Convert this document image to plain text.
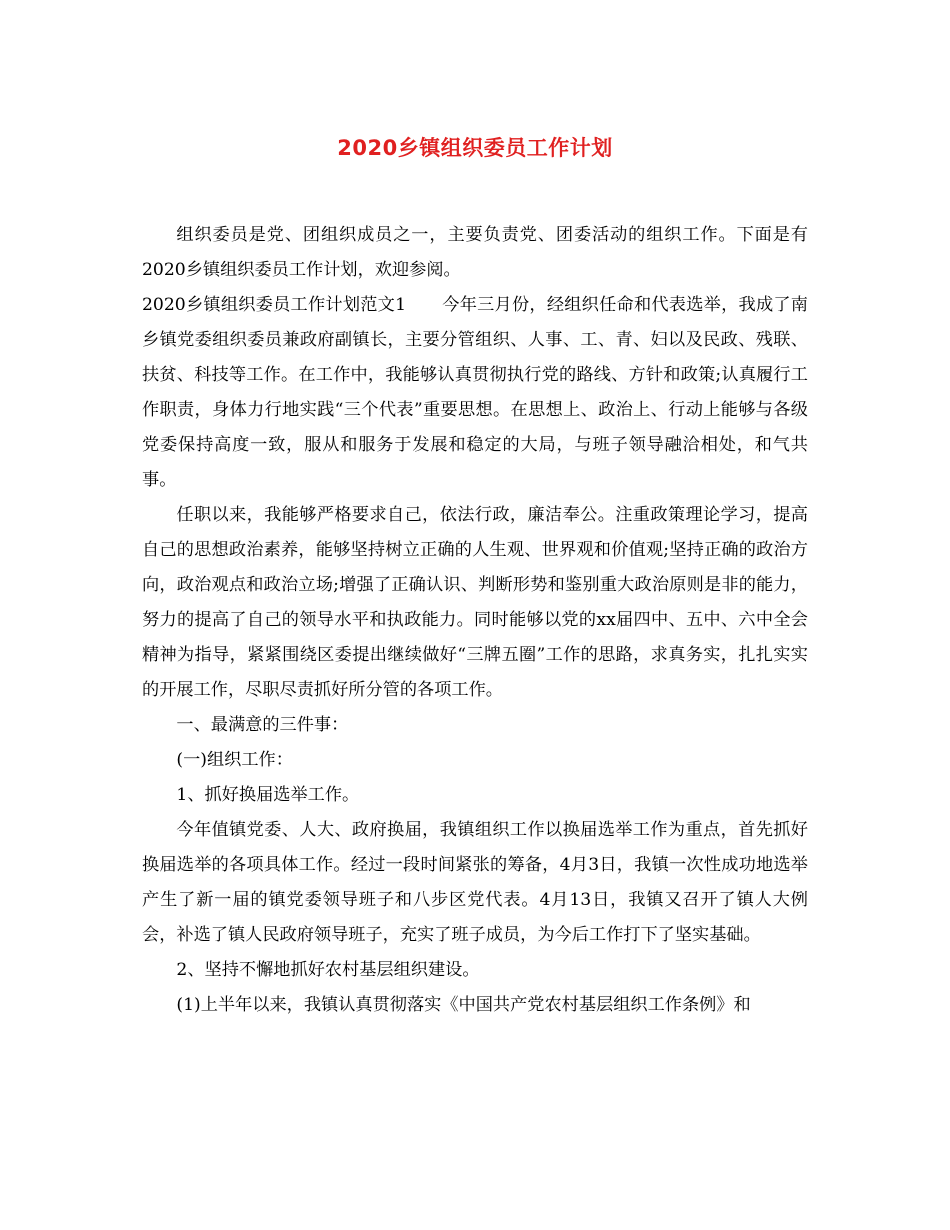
2020乡镇组织委员工作计划

组织委员是党、团组织成员之一，主要负责党、团委活动的组织工作。下面是有2020乡镇组织委员工作计划，欢迎参阅。

2020乡镇组织委员工作计划范文1 今年三月份，经组织任命和代表选举，我成了南乡镇党委组织委员兼政府副镇长，主要分管组织、人事、工、青、妇以及民政、残联、扶贫、科技等工作。在工作中，我能够认真贯彻执行党的路线、方针和政策;认真履行工作职责，身体力行地实践“三个代表”重要思想。在思想上、政治上、行动上能够与各级党委保持高度一致，服从和服务于发展和稳定的大局，与班子领导融洽相处，和气共事。

任职以来，我能够严格要求自己，依法行政，廉洁奉公。注重政策理论学习，提高自己的思想政治素养，能够坚持树立正确的人生观、世界观和价值观;坚持正确的政治方向，政治观点和政治立场;增强了正确认识、判断形势和鉴别重大政治原则是非的能力，努力的提高了自己的领导水平和执政能力。同时能够以党的xx届四中、五中、六中全会精神为指导，紧紧围绕区委提出继续做好“三牌五圈”工作的思路，求真务实，扎扎实实的开展工作，尽职尽责抓好所分管的各项工作。

一、最满意的三件事：

(一)组织工作：

1、抓好换届选举工作。

今年值镇党委、人大、政府换届，我镇组织工作以换届选举工作为重点，首先抓好换届选举的各项具体工作。经过一段时间紧张的筹备，4月3日，我镇一次性成功地选举产生了新一届的镇党委领导班子和八步区党代表。4月13日，我镇又召开了镇人大例会，补选了镇人民政府领导班子，充实了班子成员，为今后工作打下了坚实基础。

2、坚持不懈地抓好农村基层组织建设。

(1)上半年以来，我镇认真贯彻落实《中国共产党农村基层组织工作条例》和
